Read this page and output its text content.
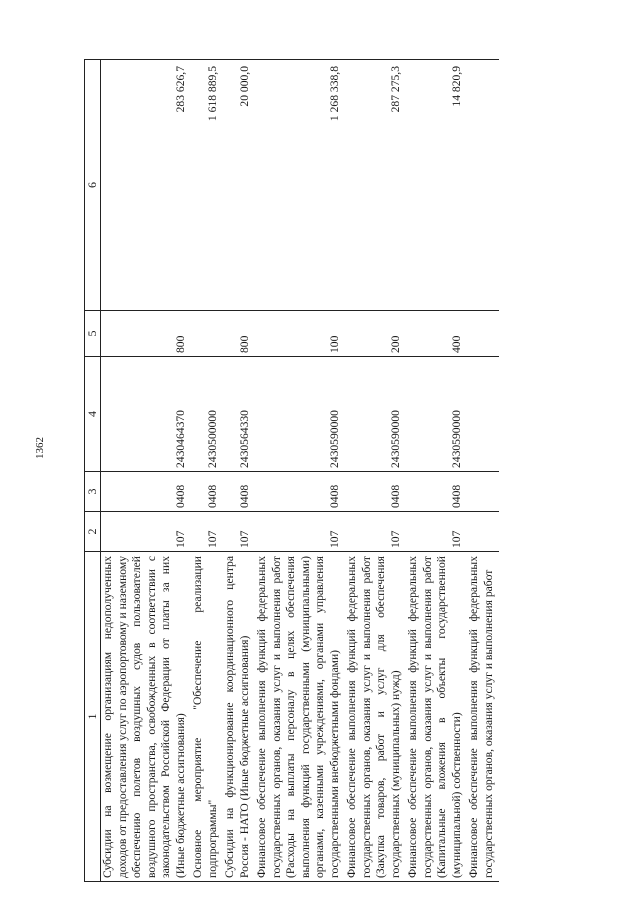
1362
1	2	3	4	5	6
Субсидии на возмещение организациям недополученных доходов от предоставления услуг по аэропортовому и наземному обеспечению полетов воздушных судов пользователей воздушного пространства, освобожденных в соответствии с законодательством Российской Федерации от платы за них (Иные бюджетные ассигнования)	107	0408	2430464370	800	283 626,7
Основное мероприятие "Обеспечение реализации подпрограммы"	107	0408	2430500000		1 618 889,5
Субсидии на функционирование координационного центра Россия - НАТО (Иные бюджетные ассигнования)	107	0408	2430564330	800	20 000,0
Финансовое обеспечение выполнения функций федеральных государственных органов, оказания услуг и выполнения работ (Расходы на выплаты персоналу в целях обеспечения выполнения функций государственными (муниципальными) органами, казенными учреждениями, органами управления государственными внебюджетными фондами)	107	0408	2430590000	100	1 268 338,8
Финансовое обеспечение выполнения функций федеральных государственных органов, оказания услуг и выполнения работ (Закупка товаров, работ и услуг для обеспечения государственных (муниципальных) нужд)	107	0408	2430590000	200	287 275,3
Финансовое обеспечение выполнения функций федеральных государственных органов, оказания услуг и выполнения работ (Капитальные вложения в объекты государственной (муниципальной) собственности)	107	0408	2430590000	400	14 820,9
Финансовое обеспечение выполнения функций федеральных государственных органов, оказания услуг и выполнения работ					
